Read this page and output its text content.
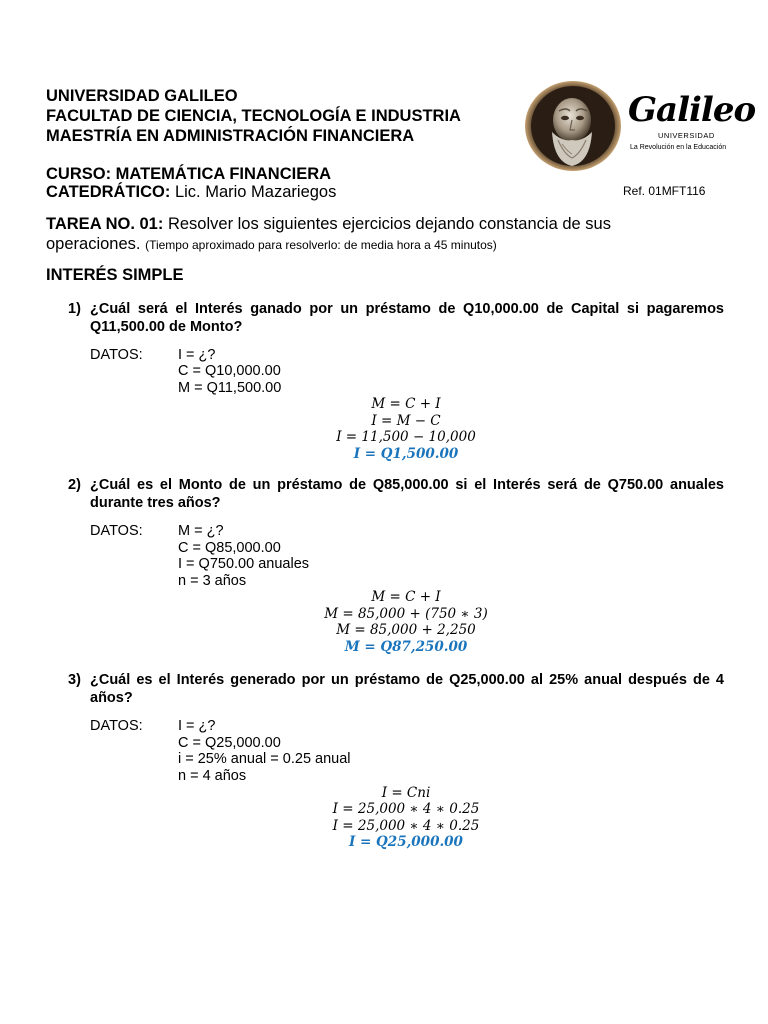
UNIVERSIDAD GALILEO
FACULTAD DE CIENCIA, TECNOLOGÍA E INDUSTRIA
MAESTRÍA EN ADMINISTRACIÓN FINANCIERA
CURSO: MATEMÁTICA FINANCIERA
CATEDRÁTICO: Lic. Mario Mazariegos	Ref. 01MFT116
Galileo
UNIVERSIDAD
La Revolución en la Educación
TAREA NO. 01: Resolver los siguientes ejercicios dejando constancia de sus
operaciones. (Tiempo aproximado para resolverlo: de media hora a 45 minutos)
INTERÉS SIMPLE
1) ¿Cuál será el Interés ganado por un préstamo de Q10,000.00 de Capital si pagaremos Q11,500.00 de Monto?
DATOS: I = ¿?
C = Q10,000.00
M = Q11,500.00
M = C + I
I = M − C
I = 11,500 − 10,000
I = Q1,500.00
2) ¿Cuál es el Monto de un préstamo de Q85,000.00 si el Interés será de Q750.00 anuales durante tres años?
DATOS: M = ¿?
C = Q85,000.00
I = Q750.00 anuales
n = 3 años
M = C + I
M = 85,000 + (750 ∗ 3)
M = 85,000 + 2,250
M = Q87,250.00
3) ¿Cuál es el Interés generado por un préstamo de Q25,000.00 al 25% anual después de 4 años?
DATOS: I = ¿?
C = Q25,000.00
i = 25% anual = 0.25 anual
n = 4 años
I = Cni
I = 25,000 ∗ 4 ∗ 0.25
I = 25,000 ∗ 4 ∗ 0.25
I = Q25,000.00
